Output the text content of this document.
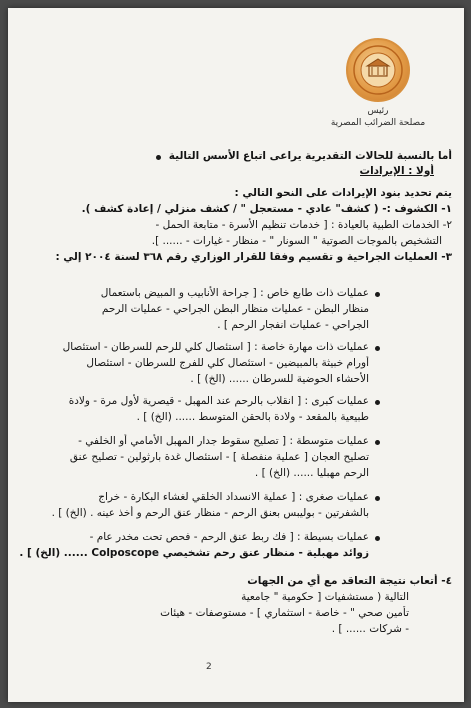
رئيس
مصلحة الضرائب المصرية
أما بالنسبة للحالات التقديرية يراعى اتباع الأسس التالية
أولا : الإيرادات
يتم تحديد بنود الإيرادات على النحو التالي :
١- الكشوف :- ( كشف" عادي - مستعجل " / كشف منزلي / إعادة كشف ).
٢- الخدمات الطبية بالعيادة : [ خدمات تنظيم الأسرة - متابعة الحمل -
التشخيص بالموجات الصوتية " السونار " - منظار - غيارات - ...... ].
٣- العمليات الجراحية و تقسيم وفقا للقرار الوزاري رقم ٣٦٨ لسنة ٢٠٠٤ إلي :
عمليات ذات طابع خاص : [ جراحة الأنابيب و المبيض باستعمال
منظار البطن - عمليات منظار البطن الجراحي - عمليات الرحم
الجراحي - عمليات انفجار الرحم ] .
عمليات ذات مهارة خاصة : [ استئصال كلي للرحم للسرطان - استئصال
أورام خبيثة بالمبيضين - استئصال كلي للفرج للسرطان - استئصال
الأحشاء الحوضية للسرطان ...... (الخ) ] .
عمليات كبرى : [ انقلاب بالرحم عند المهبل - قيصرية لأول مرة - ولادة
طبيعية بالمقعد - ولادة بالحقن المتوسط ...... (الخ) ] .
عمليات متوسطة : [ تصليح سقوط جدار المهبل الأمامي أو الخلفي -
تصليح العجان [ عملية منفصلة ] - استئصال غدة بارثولين - تصليح عنق
الرحم مهبليا ...... (الخ) ] .
عمليات صغرى : [ عملية الانسداد الخلقي لغشاء البكارة - خراج
بالشفرتين - بوليبس بعنق الرحم - منظار عنق الرحم و أخذ عينه . (الخ) ] .
عمليات بسيطة : [ فك ربط عنق الرحم - فحص تحت مخدر عام -
زوائد مهبلية - منظار عنق رحم تشخيصي Colposcope ...... (الخ) ] .
٤- أتعاب نتيجة التعاقد مع أي من الجهات
التالية ( مستشفيات [ حكومية " جامعية
تأمين صحي " - خاصة - استثماري ] - مستوصفات - هيئات
- شركات ...... ] .
2
